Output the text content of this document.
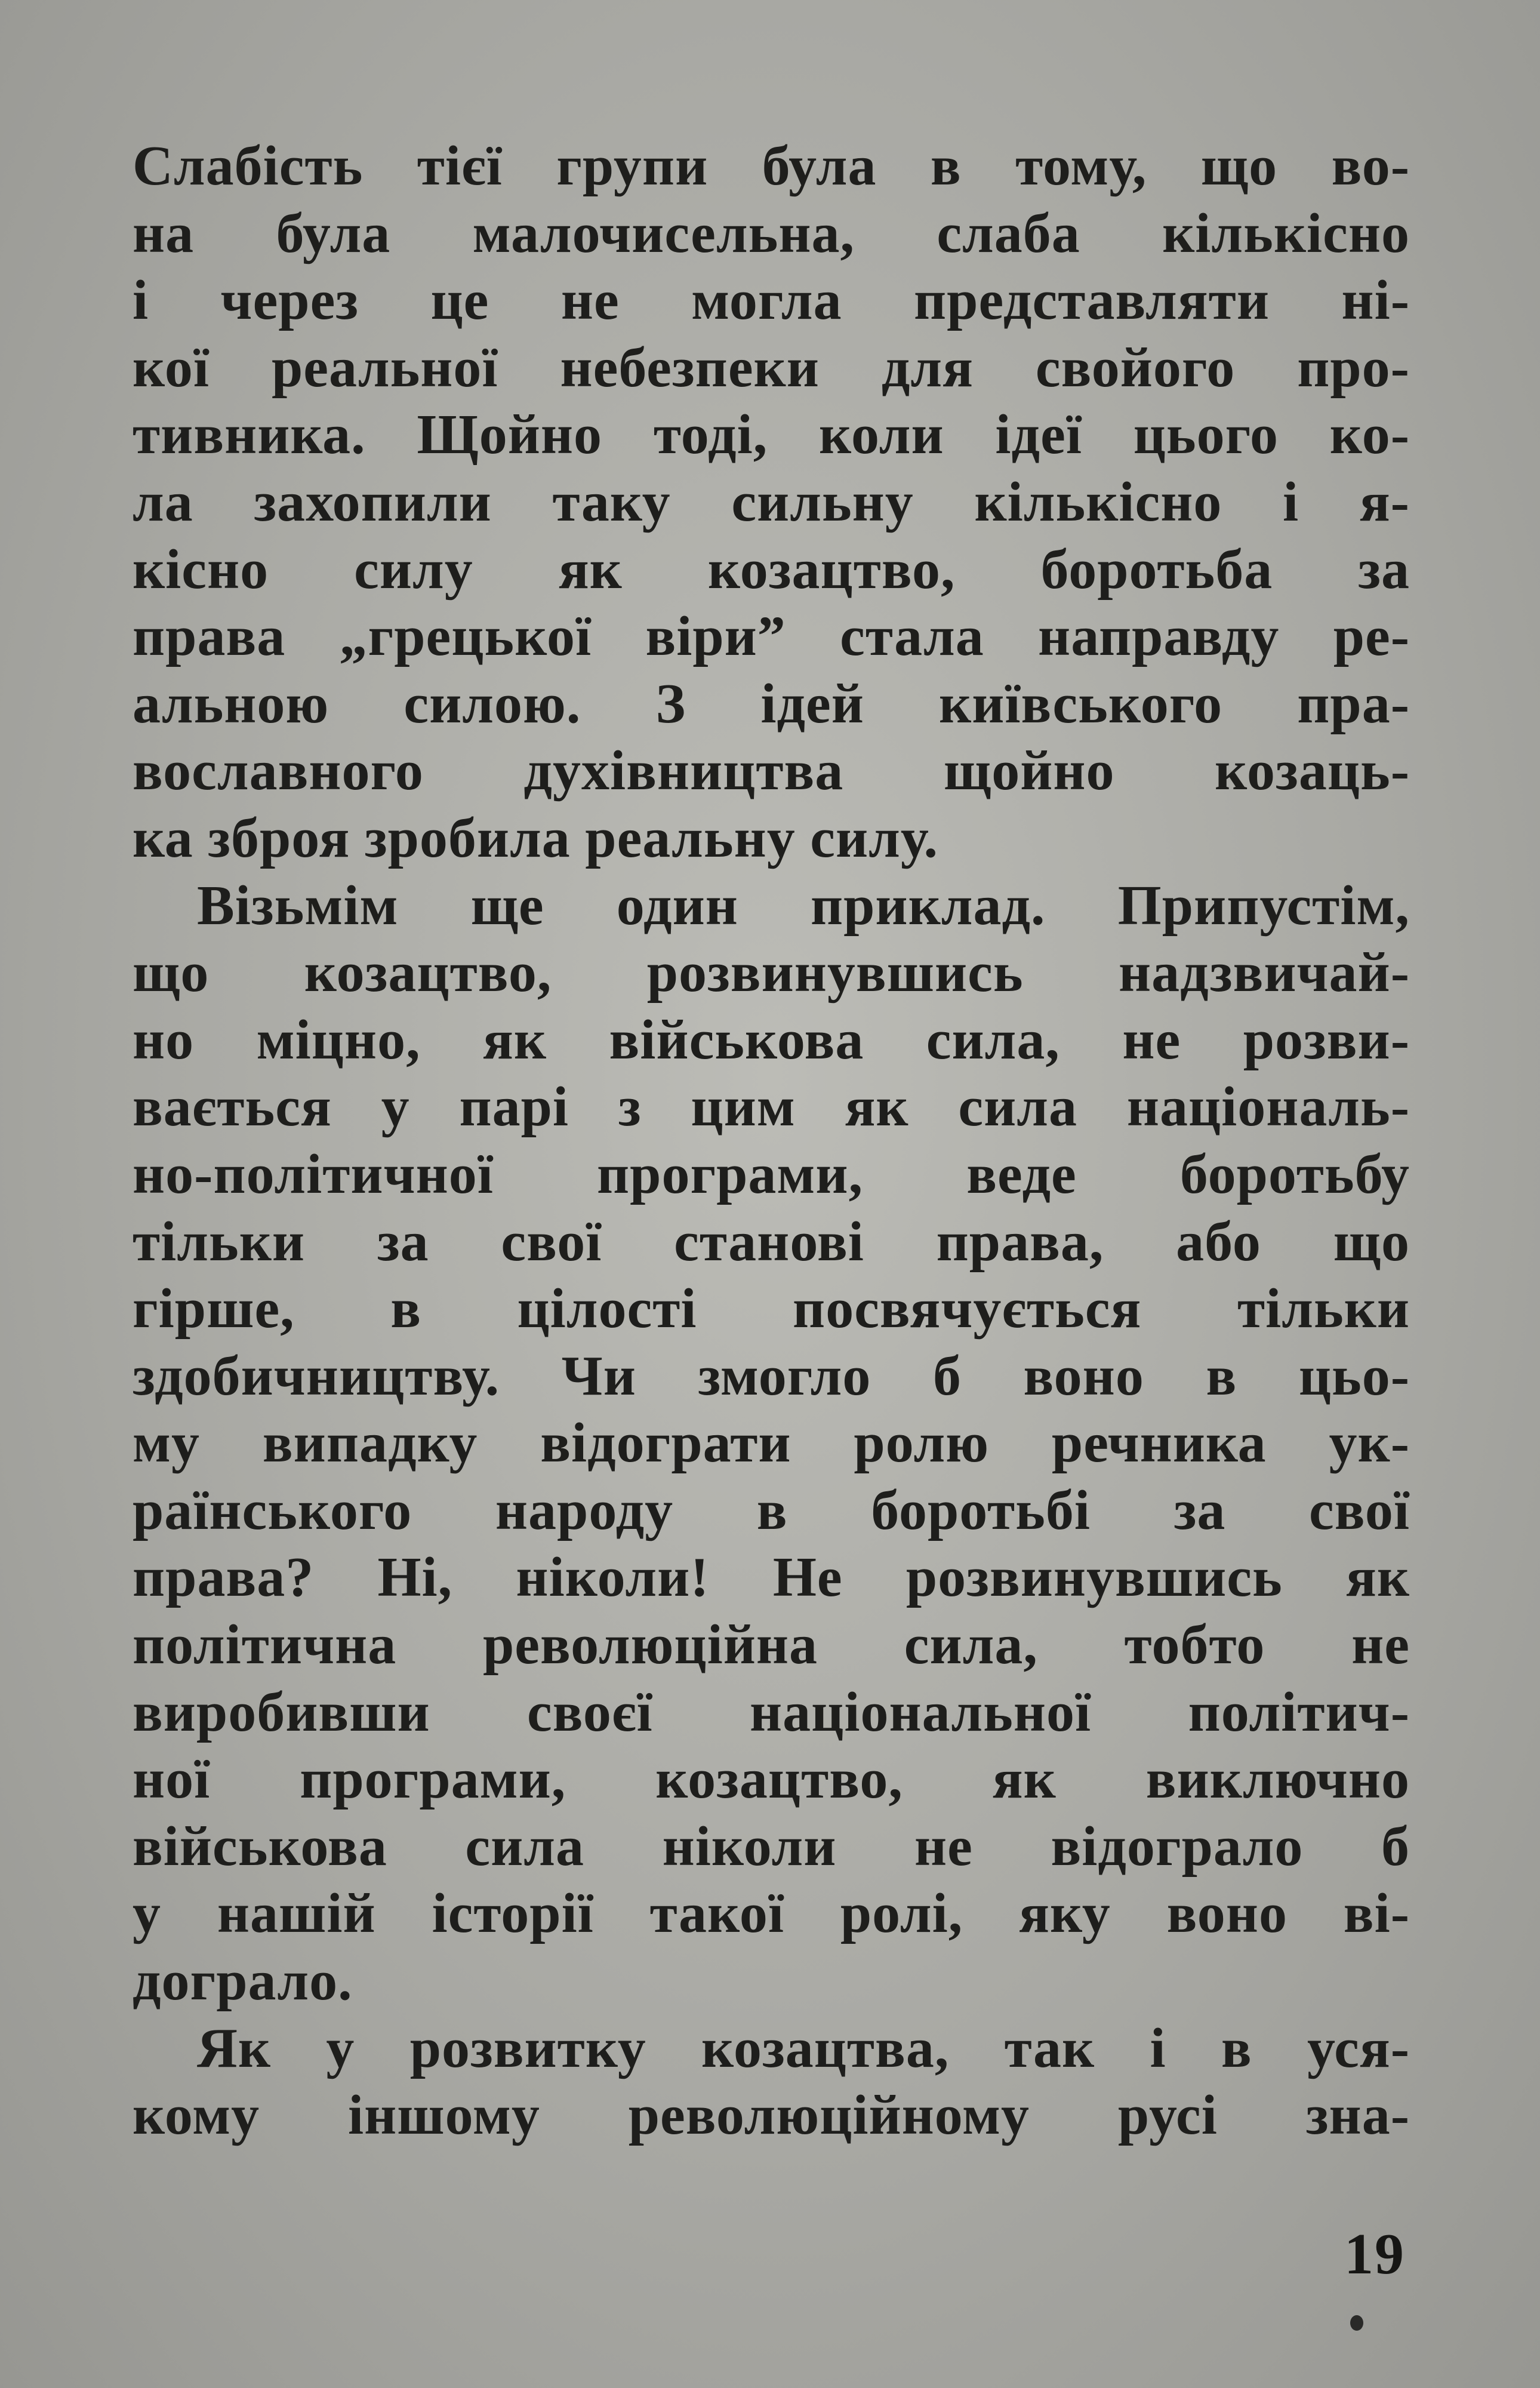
Слабість тієї групи була в тому, що во-
на була малочисельна, слаба кількісно
і через це не могла представляти ні-
кої реальної небезпеки для свойого про-
тивника. Щойно тоді, коли ідеї цього ко-
ла захопили таку сильну кількісно і я-
кісно силу як козацтво, боротьба за
права „грецької віри” стала направду ре-
альною силою. З ідей київського пра-
вославного духівництва щойно козаць-
ка зброя зробила реальну силу.
Візьмім ще один приклад. Припустім,
що козацтво, розвинувшись надзвичай-
но міцно, як військова сила, не розви-
вається у парі з цим як сила національ-
но-політичної програми, веде боротьбу
тільки за свої станові права, або що
гірше, в цілості посвячується тільки
здобичництву. Чи змогло б воно в цьо-
му випадку відограти ролю речника ук-
раїнського народу в боротьбі за свої
права? Ні, ніколи! Не розвинувшись як
політична революційна сила, тобто не
виробивши своєї національної політич-
ної програми, козацтво, як виключно
військова сила ніколи не відограло б
у нашій історії такої ролі, яку воно ві-
дограло.
Як у розвитку козацтва, так і в уся-
кому іншому революційному русі зна-
19
